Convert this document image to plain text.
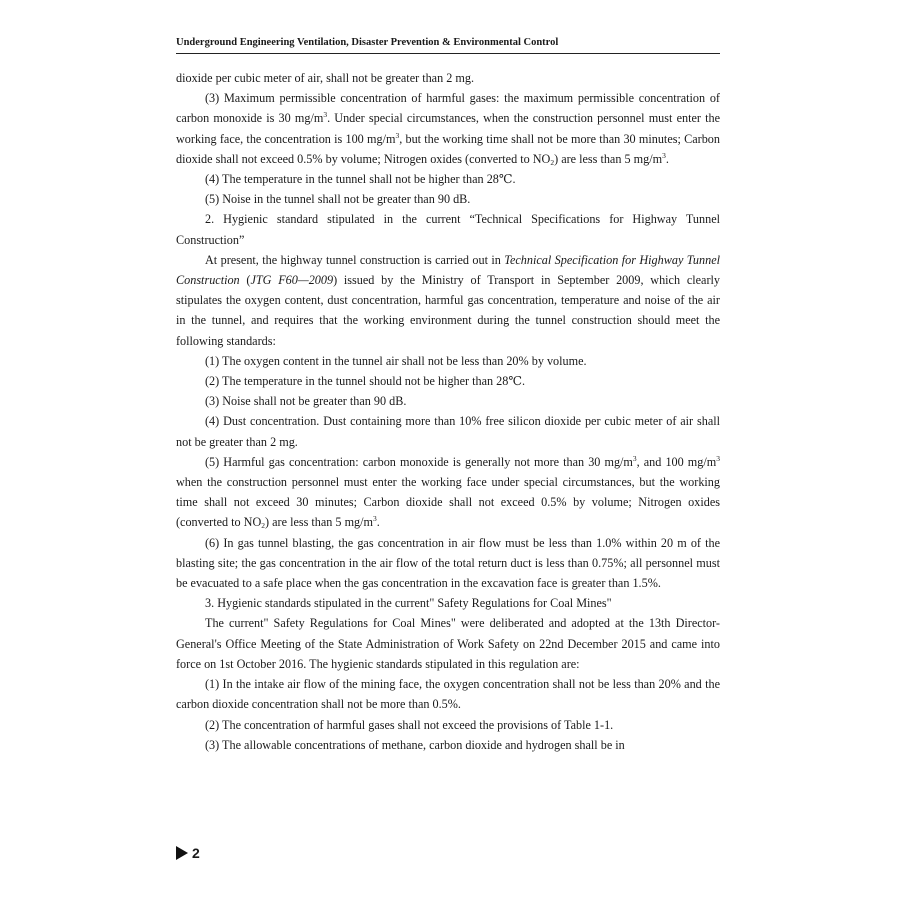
Underground Engineering Ventilation, Disaster Prevention & Environmental Control

dioxide per cubic meter of air, shall not be greater than 2 mg.

(3) Maximum permissible concentration of harmful gases: the maximum permissible concentration of carbon monoxide is 30 $mg/m^3$. Under special circumstances, when the construction personnel must enter the working face, the concentration is 100 $mg/m^3$, but the working time shall not be more than 30 minutes; Carbon dioxide shall not exceed 0.5% by volume; Nitrogen oxides (converted to $NO_2$) are less than 5 $mg/m^3$.

(4) The temperature in the tunnel shall not be higher than 28℃.

(5) Noise in the tunnel shall not be greater than 90 dB.

2. Hygienic standard stipulated in the current “Technical Specifications for Highway Tunnel Construction”

At present, the highway tunnel construction is carried out in Technical Specification for Highway Tunnel Construction (JTG F60—2009) issued by the Ministry of Transport in September 2009, which clearly stipulates the oxygen content, dust concentration, harmful gas concentration, temperature and noise of the air in the tunnel, and requires that the working environment during the tunnel construction should meet the following standards:

(1) The oxygen content in the tunnel air shall not be less than 20% by volume.

(2) The temperature in the tunnel should not be higher than 28℃.

(3) Noise shall not be greater than 90 dB.

(4) Dust concentration. Dust containing more than 10% free silicon dioxide per cubic meter of air shall not be greater than 2 mg.

(5) Harmful gas concentration: carbon monoxide is generally not more than 30 $mg/m^3$, and 100 $mg/m^3$ when the construction personnel must enter the working face under special circumstances, but the working time shall not exceed 30 minutes; Carbon dioxide shall not exceed 0.5% by volume; Nitrogen oxides (converted to $NO_2$) are less than 5 $mg/m^3$.

(6) In gas tunnel blasting, the gas concentration in air flow must be less than 1.0% within 20 m of the blasting site; the gas concentration in the air flow of the total return duct is less than 0.75%; all personnel must be evacuated to a safe place when the gas concentration in the excavation face is greater than 1.5%.

3. Hygienic standards stipulated in the current" Safety Regulations for Coal Mines"

The current" Safety Regulations for Coal Mines" were deliberated and adopted at the 13th Director-General's Office Meeting of the State Administration of Work Safety on 22nd December 2015 and came into force on 1st October 2016. The hygienic standards stipulated in this regulation are:

(1) In the intake air flow of the mining face, the oxygen concentration shall not be less than 20% and the carbon dioxide concentration shall not be more than 0.5%.

(2) The concentration of harmful gases shall not exceed the provisions of Table 1-1.

(3) The allowable concentrations of methane, carbon dioxide and hydrogen shall be in

2
